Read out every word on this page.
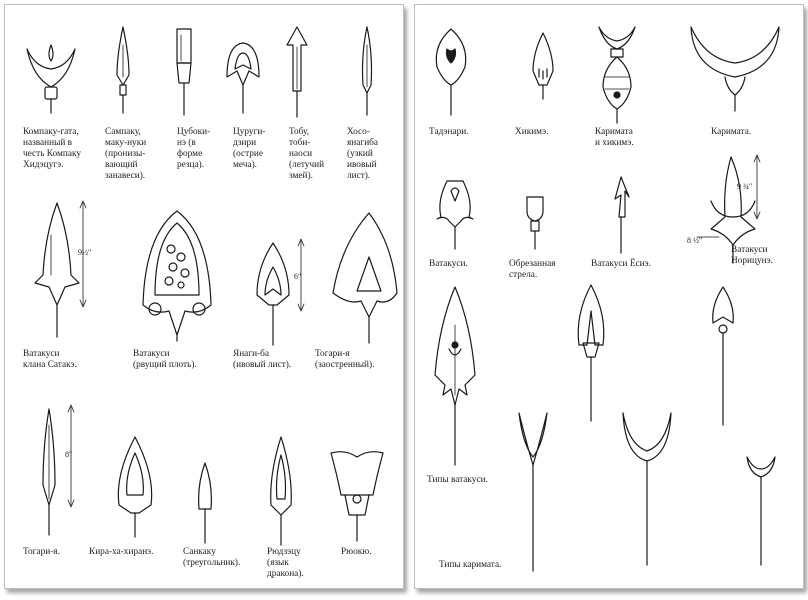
9½″
6″
8″
Компаку-гата,
названный в
честь Компаку
Хидэцугэ.
Сампаку,
маку-нуки
(пронизы-
вающий
занавеси).
Цубоки-
нэ (в
форме
резца).
Цуруги-
дзири
(острие
меча).
Тобу,
тоби-
наоси
(летучий
змей).
Хосо-
янагиба
(узкий
ивовый
лист).
Ватакуси
клана Сатакэ.
Ватакуси
(рвущий плоть).
Янаги-ба
(ивовый лист).
Тогари-я
(заостренный).
Тогари-я.	Кира-ха-хиранэ.	Санкаку
(треугольник).
Рюдзэцу
(язык
дракона).
Рюокю.
9 ¾″
8 ½″
Тадэнари.	Хикимэ.	Каримата
и хикимэ.
Каримата.
Ватакуси.	Обрезанная
стрела.
Ватакуси Ёсиэ.
Ватакуси
Норицунэ.
Типы ватакуси.
Типы каримата.
